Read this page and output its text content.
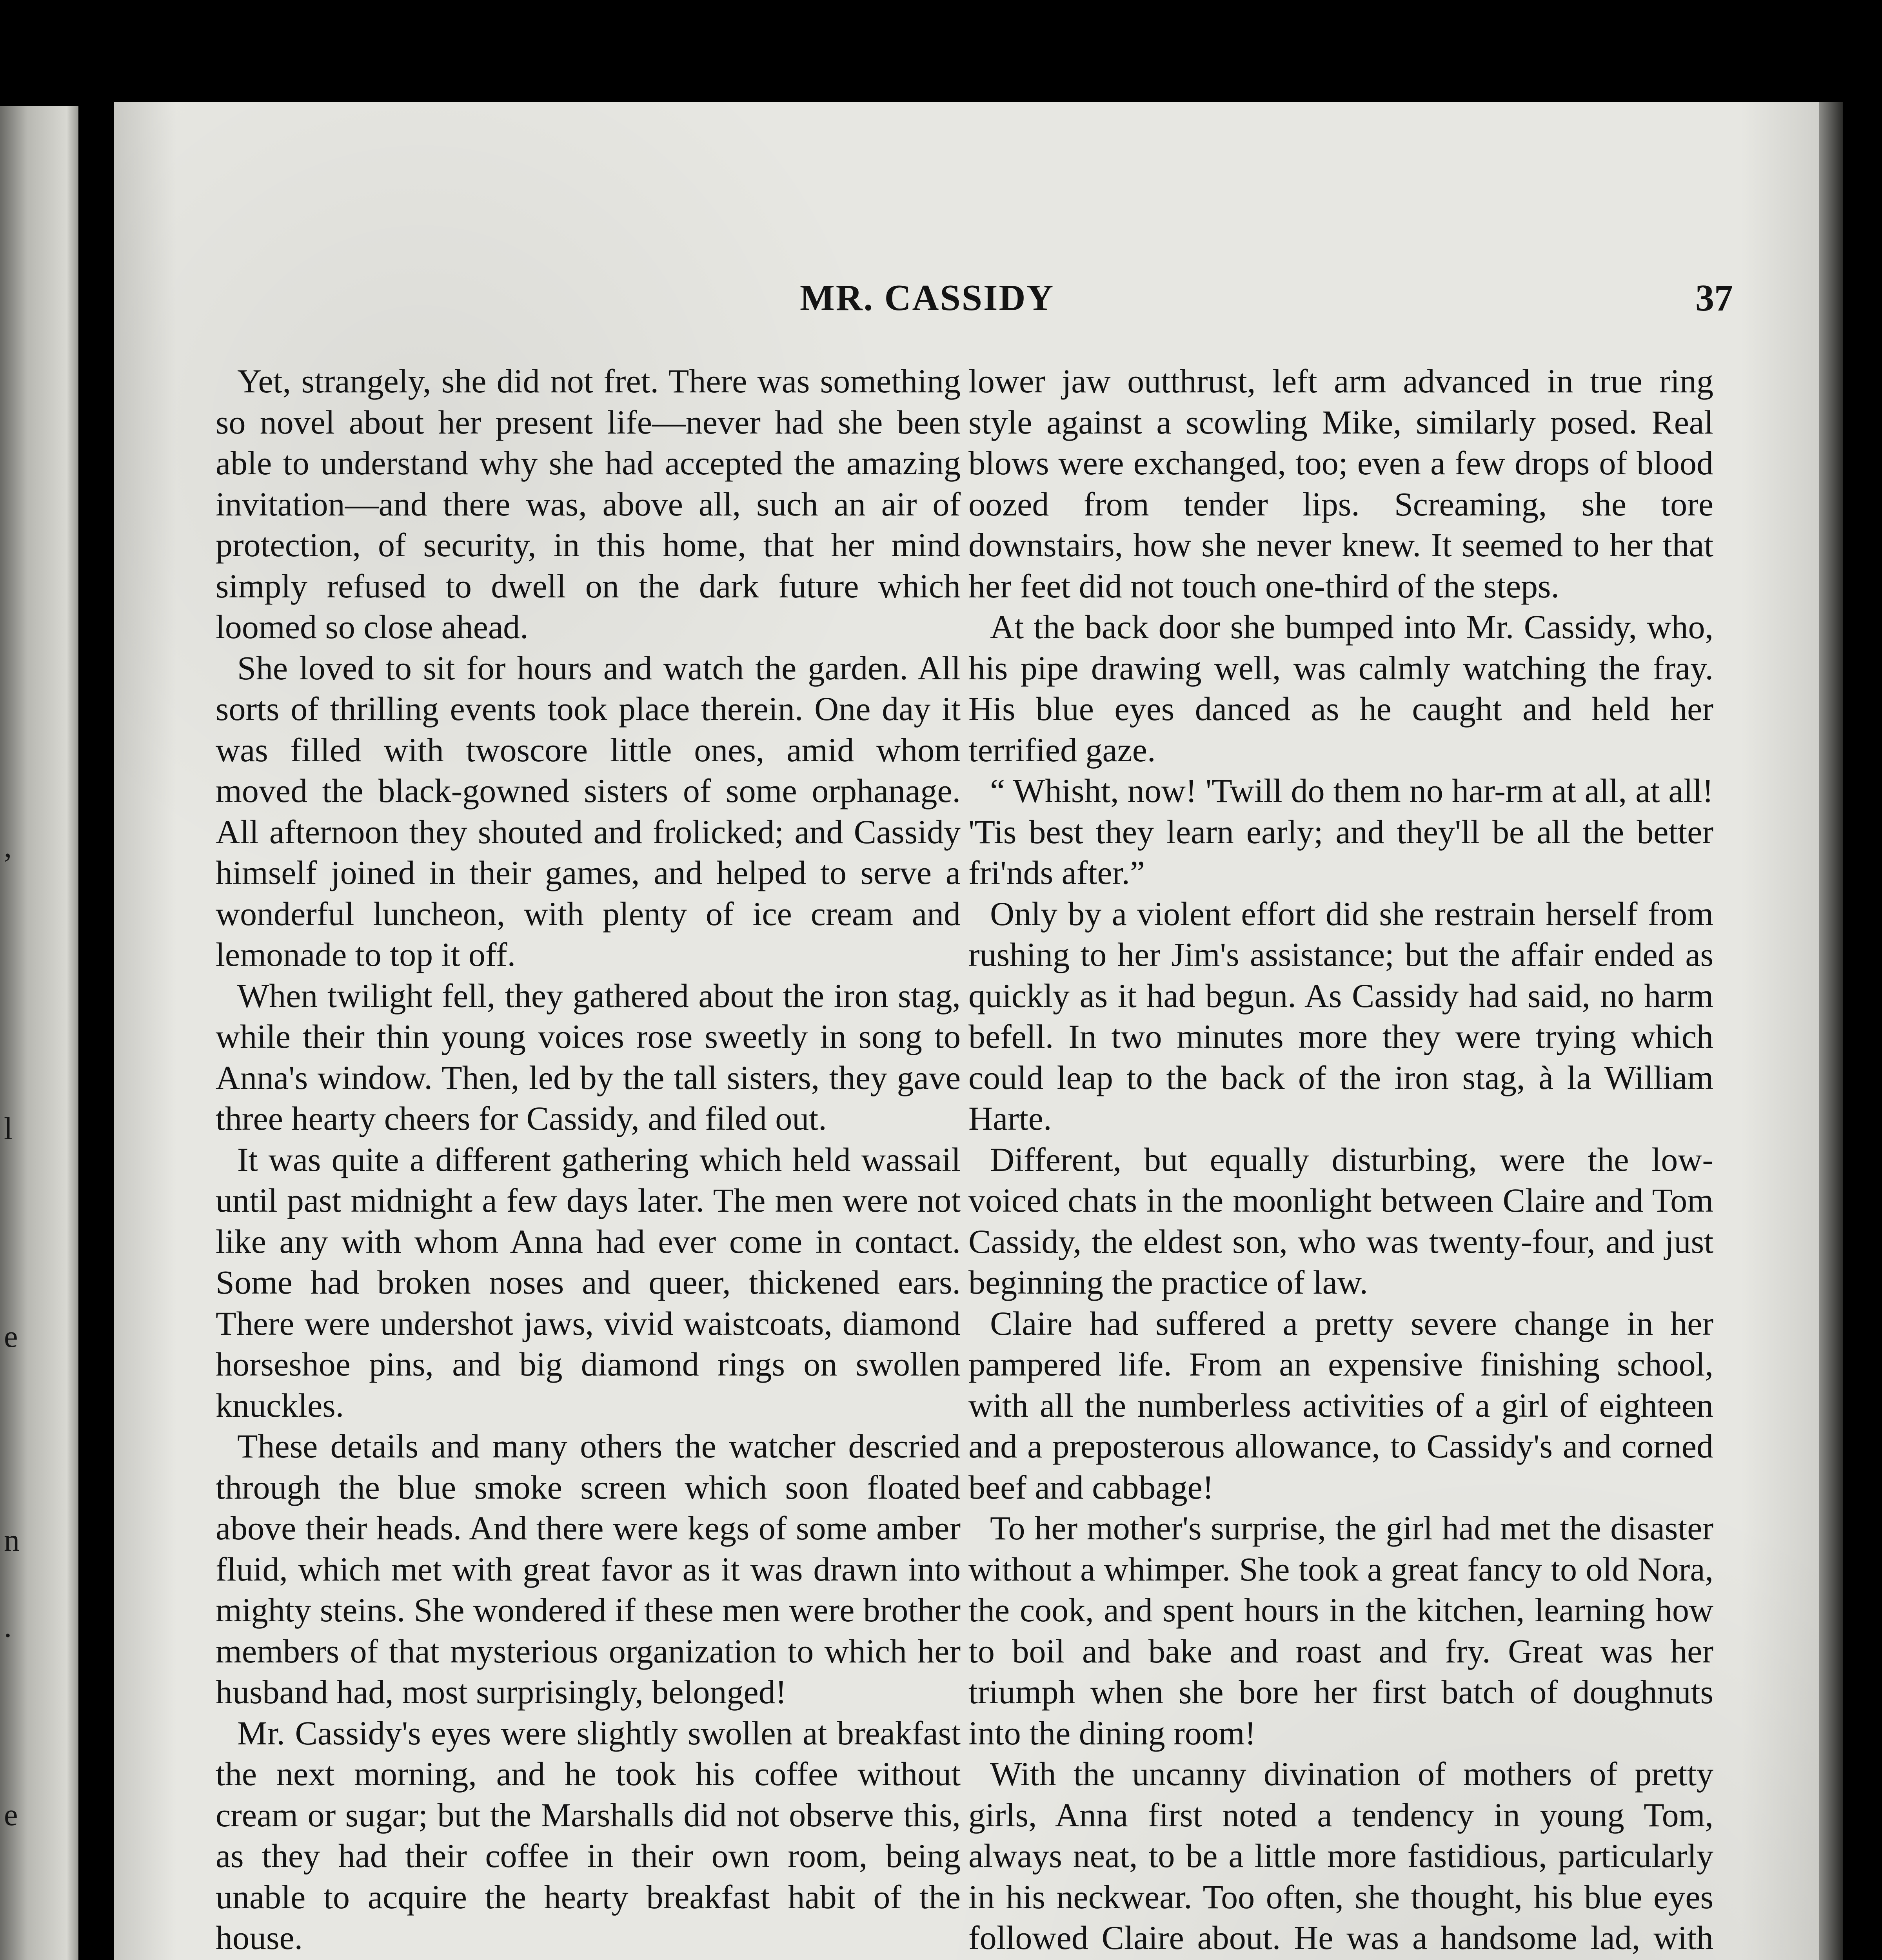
,
l
e
n
.
e
MR. CASSIDY	37

Yet, strangely, she did not fret. There was something so novel about her present life—never had she been able to understand why she had accepted the amazing invitation—and there was, above all, such an air of protection, of security, in this home, that her mind simply refused to dwell on the dark future which loomed so close ahead.

She loved to sit for hours and watch the garden. All sorts of thrilling events took place therein. One day it was filled with twoscore little ones, amid whom moved the black-gowned sisters of some orphanage. All afternoon they shouted and frolicked; and Cassidy himself joined in their games, and helped to serve a wonderful luncheon, with plenty of ice cream and lemonade to top it off.

When twilight fell, they gathered about the iron stag, while their thin young voices rose sweetly in song to Anna's window. Then, led by the tall sisters, they gave three hearty cheers for Cassidy, and filed out.

It was quite a different gathering which held wassail until past midnight a few days later. The men were not like any with whom Anna had ever come in contact. Some had broken noses and queer, thickened ears. There were undershot jaws, vivid waistcoats, diamond horseshoe pins, and big diamond rings on swollen knuckles.

These details and many others the watcher descried through the blue smoke screen which soon floated above their heads. And there were kegs of some amber fluid, which met with great favor as it was drawn into mighty steins. She wondered if these men were brother members of that mysterious organization to which her husband had, most surprisingly, belonged!

Mr. Cassidy's eyes were slightly swollen at breakfast the next morning, and he took his coffee without cream or sugar; but the Marshalls did not observe this, as they had their coffee in their own room, being unable to acquire the hearty breakfast habit of the house.

lower jaw outthrust, left arm advanced in true ring style against a scowling Mike, similarly posed. Real blows were exchanged, too; even a few drops of blood oozed from tender lips. Screaming, she tore downstairs, how she never knew. It seemed to her that her feet did not touch one-third of the steps.

At the back door she bumped into Mr. Cassidy, who, his pipe drawing well, was calmly watching the fray. His blue eyes danced as he caught and held her terrified gaze.

“ Whisht, now! 'Twill do them no har-rm at all, at all! 'Tis best they learn early; and they'll be all the better fri'nds after.”

Only by a violent effort did she restrain herself from rushing to her Jim's assistance; but the affair ended as quickly as it had begun. As Cassidy had said, no harm befell. In two minutes more they were trying which could leap to the back of the iron stag, à la William Harte.

Different, but equally disturbing, were the low-voiced chats in the moonlight between Claire and Tom Cassidy, the eldest son, who was twenty-four, and just beginning the practice of law.

Claire had suffered a pretty severe change in her pampered life. From an expensive finishing school, with all the numberless activities of a girl of eighteen and a preposterous allowance, to Cassidy's and corned beef and cabbage!

To her mother's surprise, the girl had met the disaster without a whimper. She took a great fancy to old Nora, the cook, and spent hours in the kitchen, learning how to boil and bake and roast and fry. Great was her triumph when she bore her first batch of doughnuts into the dining room!

With the uncanny divination of mothers of pretty girls, Anna first noted a tendency in young Tom, always neat, to be a little more fastidious, particularly in his neckwear. Too often, she thought, his blue eyes followed Claire about. He was a handsome lad, with
